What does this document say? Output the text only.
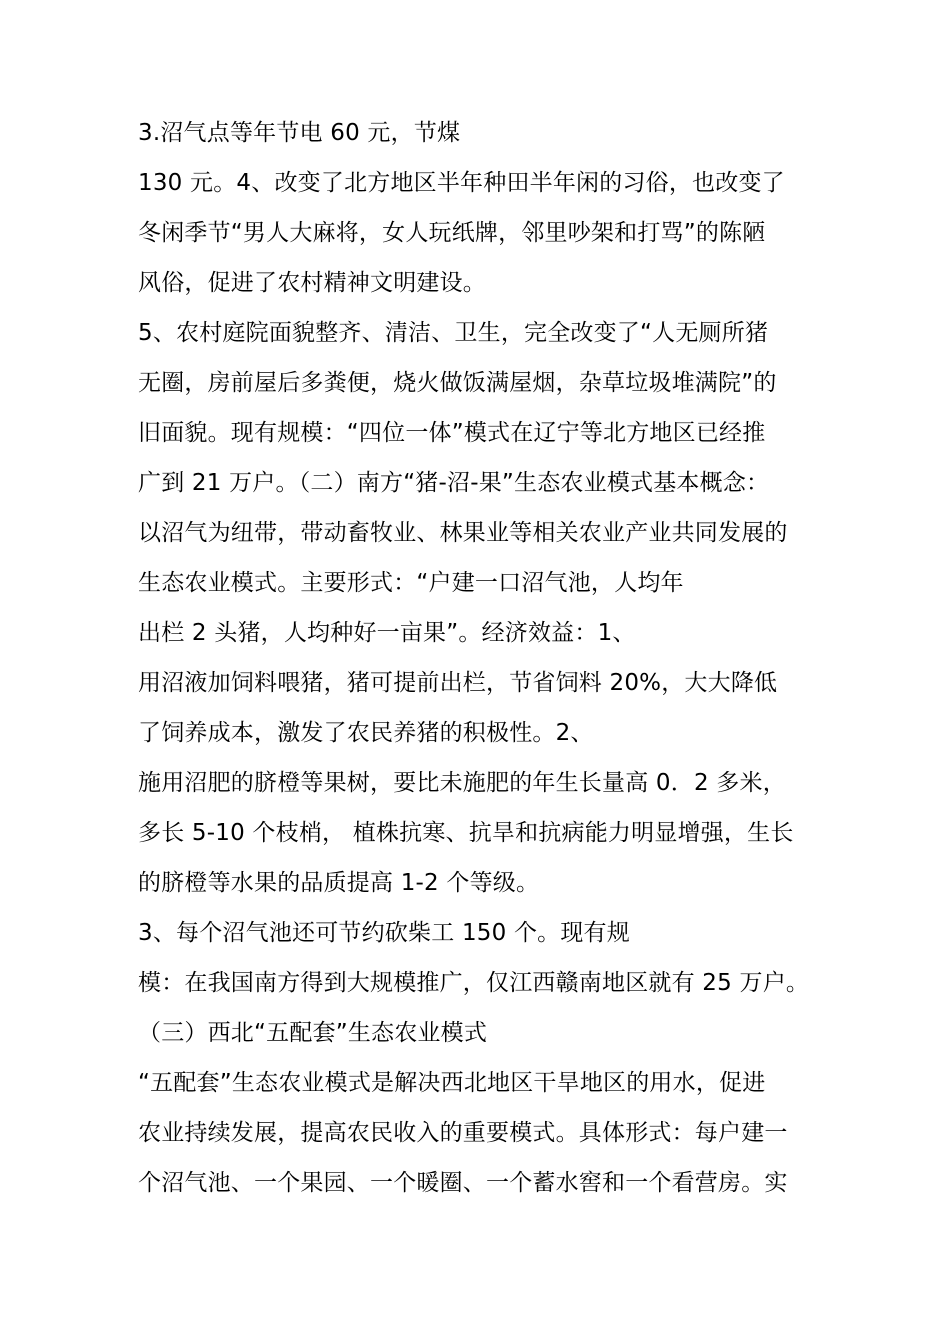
3.沼气点等年节电 60 元，节煤
130 元。4、改变了北方地区半年种田半年闲的习俗，也改变了
冬闲季节“男人大麻将，女人玩纸牌，邻里吵架和打骂”的陈陋
风俗，促进了农村精神文明建设。
5、农村庭院面貌整齐、清洁、卫生，完全改变了“人无厕所猪
无圈，房前屋后多粪便，烧火做饭满屋烟，杂草垃圾堆满院”的
旧面貌。现有规模：“四位一体”模式在辽宁等北方地区已经推
广到 21 万户。（二）南方“猪-沼-果”生态农业模式基本概念：
以沼气为纽带，带动畜牧业、林果业等相关农业产业共同发展的
生态农业模式。主要形式：“户建一口沼气池，人均年
出栏 2 头猪，人均种好一亩果”。经济效益：1、
用沼液加饲料喂猪，猪可提前出栏，节省饲料 20%，大大降低
了饲养成本，激发了农民养猪的积极性。2、
施用沼肥的脐橙等果树，要比未施肥的年生长量高 0．2 多米，
多长 5-10 个枝梢， 植株抗寒、抗旱和抗病能力明显增强，生长
的脐橙等水果的品质提高 1-2 个等级。
3、每个沼气池还可节约砍柴工 150 个。现有规
模：在我国南方得到大规模推广，仅江西赣南地区就有 25 万户。
（三）西北“五配套”生态农业模式
“五配套”生态农业模式是解决西北地区干旱地区的用水，促进
农业持续发展，提高农民收入的重要模式。具体形式：每户建一
个沼气池、一个果园、一个暖圈、一个蓄水窖和一个看营房。实
